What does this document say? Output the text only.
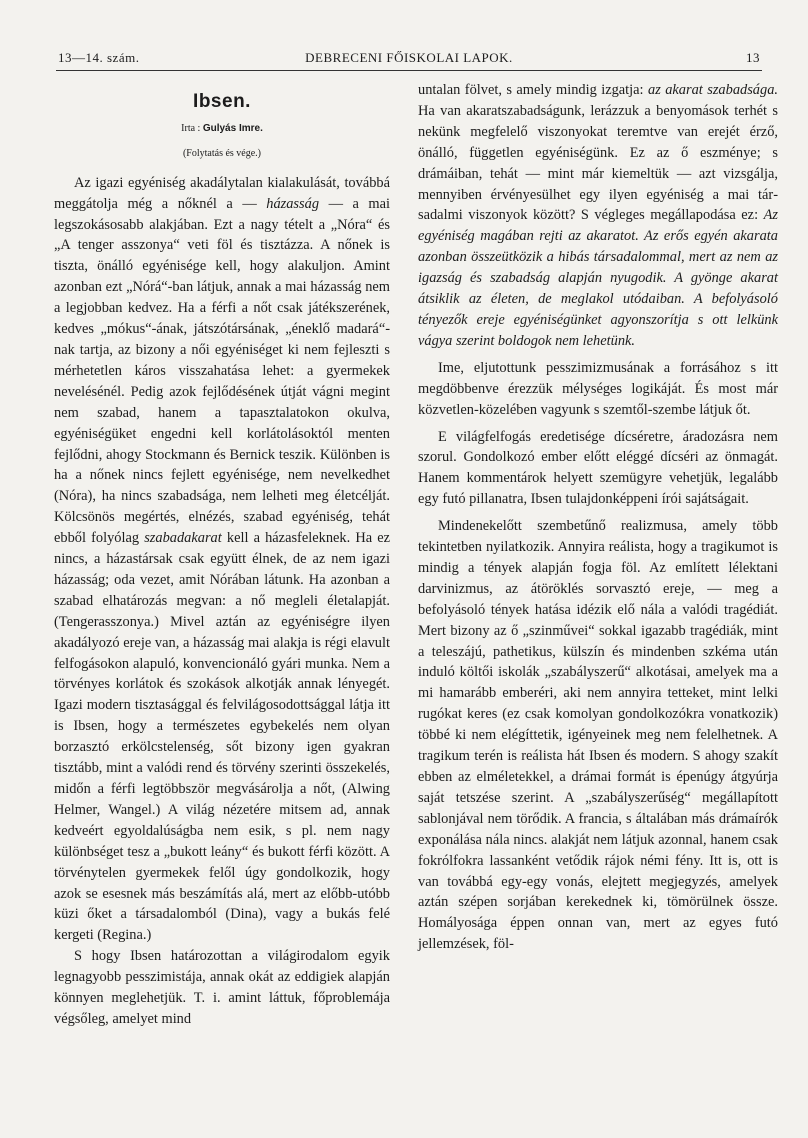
13—14. szám.	DEBRECENI FŐISKOLAI LAPOK.	13
Ibsen.
Irta : Gulyás Imre.
(Folytatás és vége.)

Az igazi egyéniség akadálytalan kialakulását, továbbá meggátolja még a nőknél a — házasság — a mai legszokásosabb alakjában. Ezt a nagy tételt a „Nóra“ és „A tenger asszonya“ veti föl és tisztázza. A nőnek is tiszta, önálló egyénisége kell, hogy alakuljon. Amint azonban ezt „Nórá“-ban látjuk, annak a mai házasság nem a legjobban kedvez. Ha a férfi a nőt csak játékszerének, kedves „mókus“-ának, játszótársának, „éneklő madará“-nak tartja, az bizony a női egyéniséget ki nem fejleszti s mérhetetlen káros visszahatása lehet: a gyermekek nevelésénél. Pedig azok fejlődésének útját vágni megint nem szabad, hanem a tapasztalatokon okulva, egyéniségüket engedni kell korlátolásoktól menten fejlődni, ahogy Stockmann és Bernick teszik. Különben is ha a nőnek nincs fejlett egyénisége, nem nevelkedhet (Nóra), ha nincs szabadsága, nem lelheti meg életcélját. Kölcsönös megértés, elnézés, szabad egyéniség, tehát ebből folyólag szabadakarat kell a házasfeleknek. Ha ez nincs, a házastársak csak együtt élnek, de az nem igazi házasság; oda vezet, amit Nórában látunk. Ha azonban a szabad elhatározás megvan: a nő megleli életalapját. (Tengerasszonya.) Mivel aztán az egyéniségre ilyen akadályozó ereje van, a házasság mai alakja is régi elavult felfogásokon alapuló, konvencionáló gyári munka. Nem a törvényes korlátok és szokások alkotják annak lényegét. Igazi modern tisztasággal és felvilágosodottsággal látja itt is Ibsen, hogy a természetes egybekelés nem olyan borzasztó erkölcstelenség, sőt bizony igen gyakran tisztább, mint a valódi rend és törvény szerinti összekelés, midőn a férfi legtöbbször megvásárolja a nőt, (Alwing Helmer, Wangel.) A világ nézetére mitsem ad, annak kedveért egyoldalúságba nem esik, s pl. nem nagy különbséget tesz a „bukott leány“ és bukott férfi között. A törvénytelen gyermekek felől úgy gondolkozik, hogy azok se esesnek más beszámítás alá, mert az előbb-utóbb küzi őket a társadalomból (Dina), vagy a bukás felé kergeti (Regina.)

S hogy Ibsen határozottan a világirodalom egyik legnagyobb pesszimistája, annak okát az eddigiek alapján könnyen meglehetjük. T. i. amint láttuk, főproblemája végsőleg, amelyet mind

untalan fölvet, s amely mindig izgatja: az akarat szabadsága. Ha van akaratszabadságunk, lerázzuk a benyomások terhét s nekünk megfelelő viszonyokat teremtve van erejét érző, önálló, független egyéniségünk. Ez az ő eszménye; s drámáiban, tehát — mint már kiemeltük — azt vizsgálja, mennyiben érvényesülhet egy ilyen egyéniség a mai társadalmi viszonyok között? S végleges megállapodása ez: Az egyéniség magában rejti az akaratot. Az erős egyén akarata azonban összeütközik a hibás társadalommal, mert az nem az igazság és szabadság alapján nyugodik. A gyönge akarat átsiklik az életen, de meglakol utódaiban. A befolyásoló tényezők ereje egyéniségünket agyonszorítja s ott lelkünk vágya szerint boldogok nem lehetünk.

Ime, eljutottunk pesszimizmusának a forrásához s itt megdöbbenve érezzük mélységes logikáját. És most már közvetlen-közelében vagyunk s szemtől-szembe látjuk őt.

E világfelfogás eredetisége dícséretre, áradozásra nem szorul. Gondolkozó ember előtt eléggé dícséri az önmagát. Hanem kommentárok helyett szemügyre vehetjük, legalább egy futó pillanatra, Ibsen tulajdonképpeni írói sajátságait.

Mindenekelőtt szembetűnő realizmusa, amely több tekintetben nyilatkozik. Annyira reálista, hogy a tragikumot is mindig a tények alapján fogja föl. Az említett lélektani darvinizmus, az átöröklés sorvasztó ereje, — meg a befolyásoló tények hatása idézik elő nála a valódi tragédiát. Mert bizony az ő „szinművei“ sokkal igazabb tragédiák, mint a teleszájú, pathetikus, külszín és mindenben szkéma után induló költői iskolák „szabályszerű“ alkotásai, amelyek ma a mi hamarább emberéri, aki nem annyira tetteket, mint lelki rugókat keres (ez csak komolyan gondolkozókra vonatkozik) többé ki nem elégíttetik, igényeinek meg nem felelhetnek. A tragikum terén is reálista hát Ibsen és modern. S ahogy szakít ebben az elméletekkel, a drámai formát is épenúgy átgyúrja saját tetszése szerint. A „szabályszerűség“ megállapított sablonjával nem törődik. A francia, s általában más drámaírók exponálása nála nincs. alakját nem látjuk azonnal, hanem csak fokrólfokra lassanként vetődik rájok némi fény. Itt is, ott is van továbbá egy-egy vonás, elejtett megjegyzés, amelyek aztán szépen sorjában kerekednek ki, tömörülnek össze. Homályosága éppen onnan van, mert az egyes futó jellemzések, föl-
